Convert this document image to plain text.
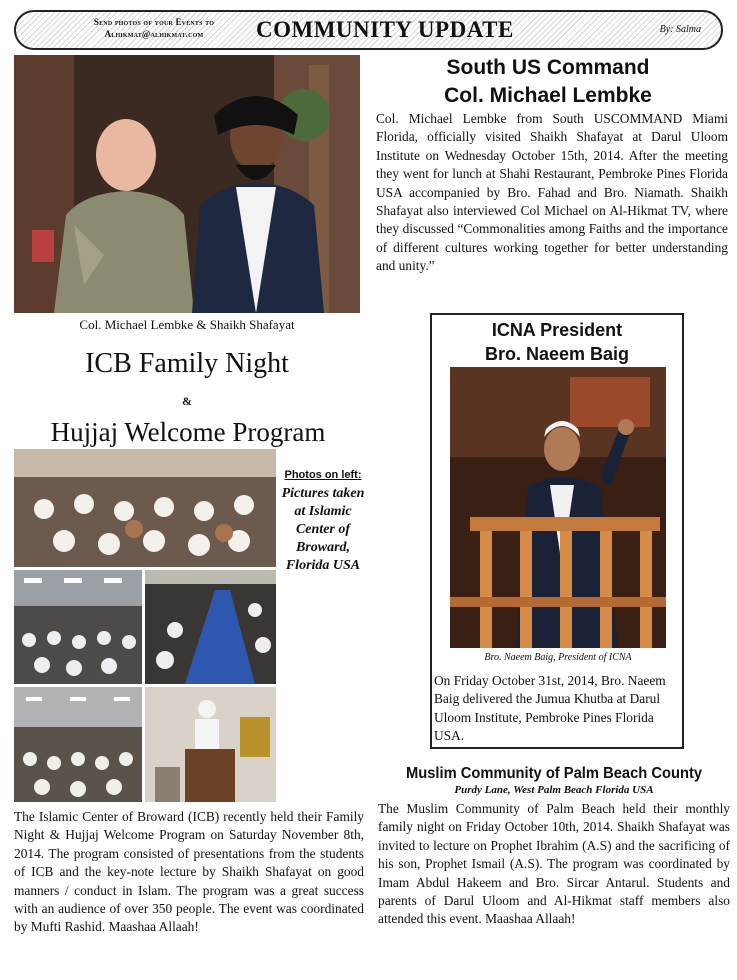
Send photos of your Events to
Alhikmat@alhikmat.com	COMMUNITY UPDATE	By: Salma
Col. Michael Lembke & Shaikh Shafayat
South US Command
Col. Michael Lembke
Col. Michael Lembke from South USCOMMAND Miami Florida, officially visited Shaikh Shafayat at Darul Uloom Institute on Wednesday October 15th, 2014. After the meeting they went for lunch at Shahi Restaurant, Pembroke Pines Florida USA accompanied by Bro. Fahad and Bro. Niamath. Shaikh Shafayat also interviewed Col Michael on Al-Hikmat TV, where they discussed “Commonalities among Faiths and the importance of different cultures working together for better understanding and unity.”
ICB Family Night
&
Hujjaj Welcome Program
Photos on left:
Pictures taken at Islamic Center of Broward, Florida USA
The Islamic Center of Broward (ICB) recently held their Family Night & Hujjaj Welcome Program on Saturday November 8th, 2014. The program consisted of presentations from the students of ICB and the key-note lecture by Shaikh Shafayat on good manners / conduct in Islam. The program was a great success with an audience of over 350 people. The event was coordinated by Mufti Rashid. Maashaa Allaah!
ICNA President
Bro. Naeem Baig
Bro. Naeem Baig, President of ICNA
On Friday October 31st, 2014, Bro. Naeem Baig delivered the Jumua Khutba at Darul Uloom Institute, Pembroke Pines Florida USA.
Muslim Community of Palm Beach County
Purdy Lane, West Palm Beach Florida USA
The Muslim Community of Palm Beach held their monthly family night on Friday October 10th, 2014. Shaikh Shafayat was invited to lecture on Prophet Ibrahim (A.S) and the sacrificing of his son, Prophet Ismail (A.S). The program was coordinated by Imam Abdul Hakeem and Bro. Sircar Antarul. Students and parents of Darul Uloom and Al-Hikmat staff members also attended this event. Maashaa Allaah!
